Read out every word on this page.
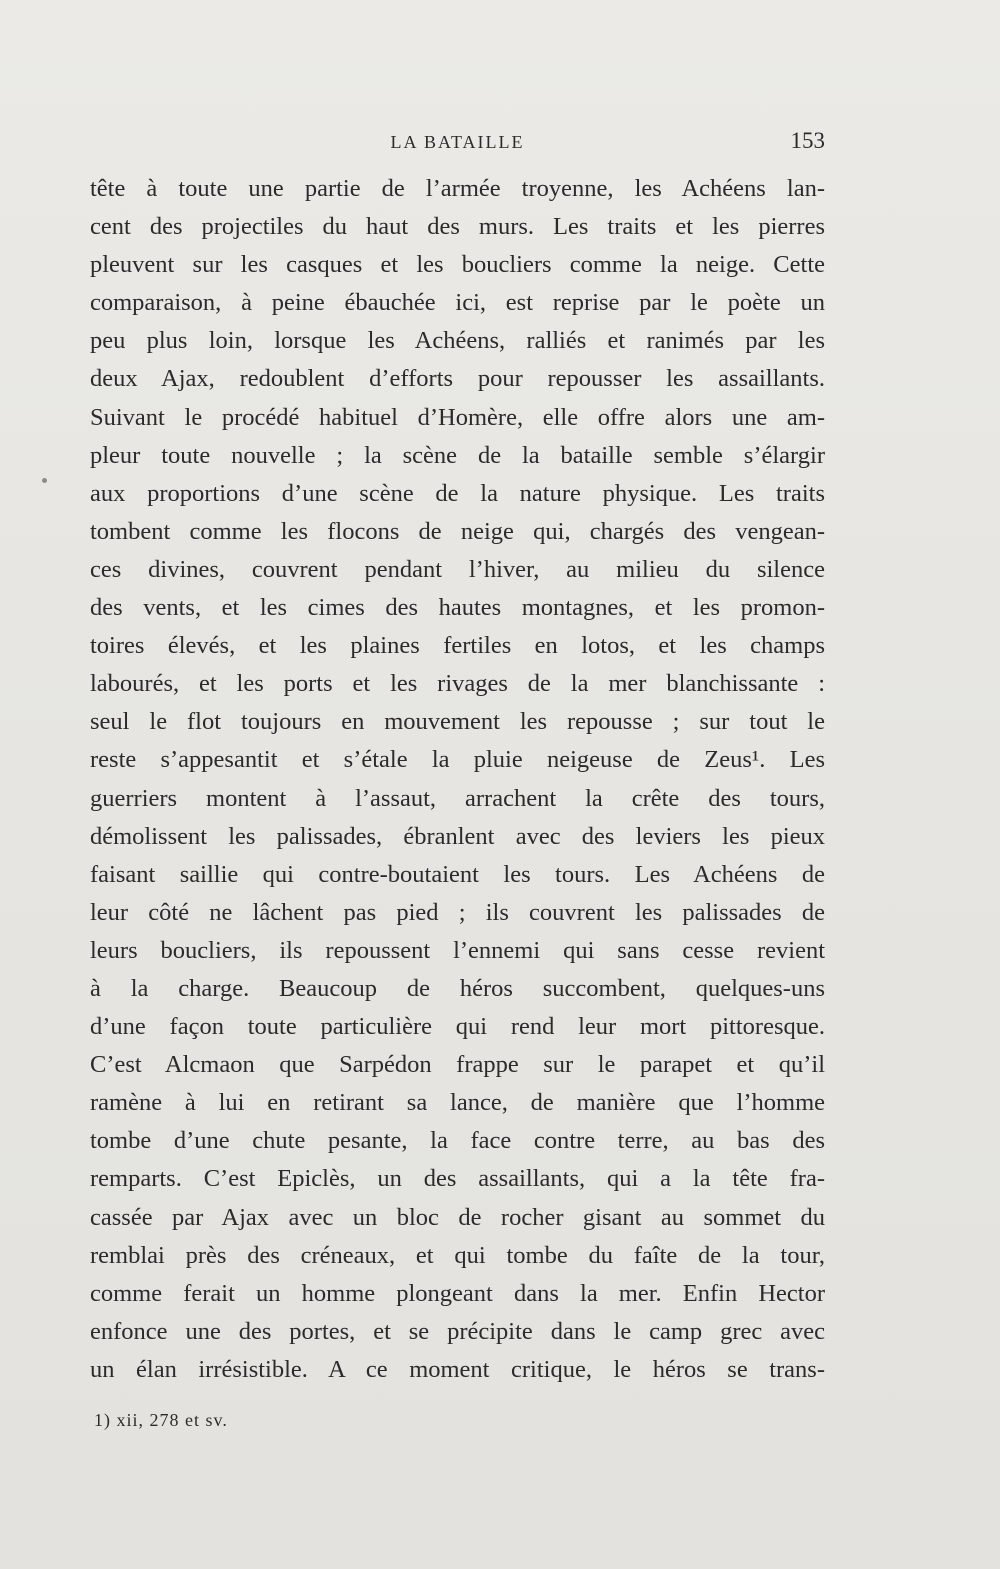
LA BATAILLE	153
tête à toute une partie de l’armée troyenne, les Achéens lan-
cent des projectiles du haut des murs. Les traits et les pierres
pleuvent sur les casques et les boucliers comme la neige. Cette
comparaison, à peine ébauchée ici, est reprise par le poète un
peu plus loin, lorsque les Achéens, ralliés et ranimés par les
deux Ajax, redoublent d’efforts pour repousser les assaillants.
Suivant le procédé habituel d’Homère, elle offre alors une am-
pleur toute nouvelle ; la scène de la bataille semble s’élargir
aux proportions d’une scène de la nature physique. Les traits
tombent comme les flocons de neige qui, chargés des vengean-
ces divines, couvrent pendant l’hiver, au milieu du silence
des vents, et les cimes des hautes montagnes, et les promon-
toires élevés, et les plaines fertiles en lotos, et les champs
labourés, et les ports et les rivages de la mer blanchissante :
seul le flot toujours en mouvement les repousse ; sur tout le
reste s’appesantit et s’étale la pluie neigeuse de Zeus¹. Les
guerriers montent à l’assaut, arrachent la crête des tours,
démolissent les palissades, ébranlent avec des leviers les pieux
faisant saillie qui contre-boutaient les tours. Les Achéens de
leur côté ne lâchent pas pied ; ils couvrent les palissades de
leurs boucliers, ils repoussent l’ennemi qui sans cesse revient
à la charge. Beaucoup de héros succombent, quelques-uns
d’une façon toute particulière qui rend leur mort pittoresque.
C’est Alcmaon que Sarpédon frappe sur le parapet et qu’il
ramène à lui en retirant sa lance, de manière que l’homme
tombe d’une chute pesante, la face contre terre, au bas des
remparts. C’est Epiclès, un des assaillants, qui a la tête fra-
cassée par Ajax avec un bloc de rocher gisant au sommet du
remblai près des créneaux, et qui tombe du faîte de la tour,
comme ferait un homme plongeant dans la mer. Enfin Hector
enfonce une des portes, et se précipite dans le camp grec avec
un élan irrésistible. A ce moment critique, le héros se trans-
1) xii, 278 et sv.
